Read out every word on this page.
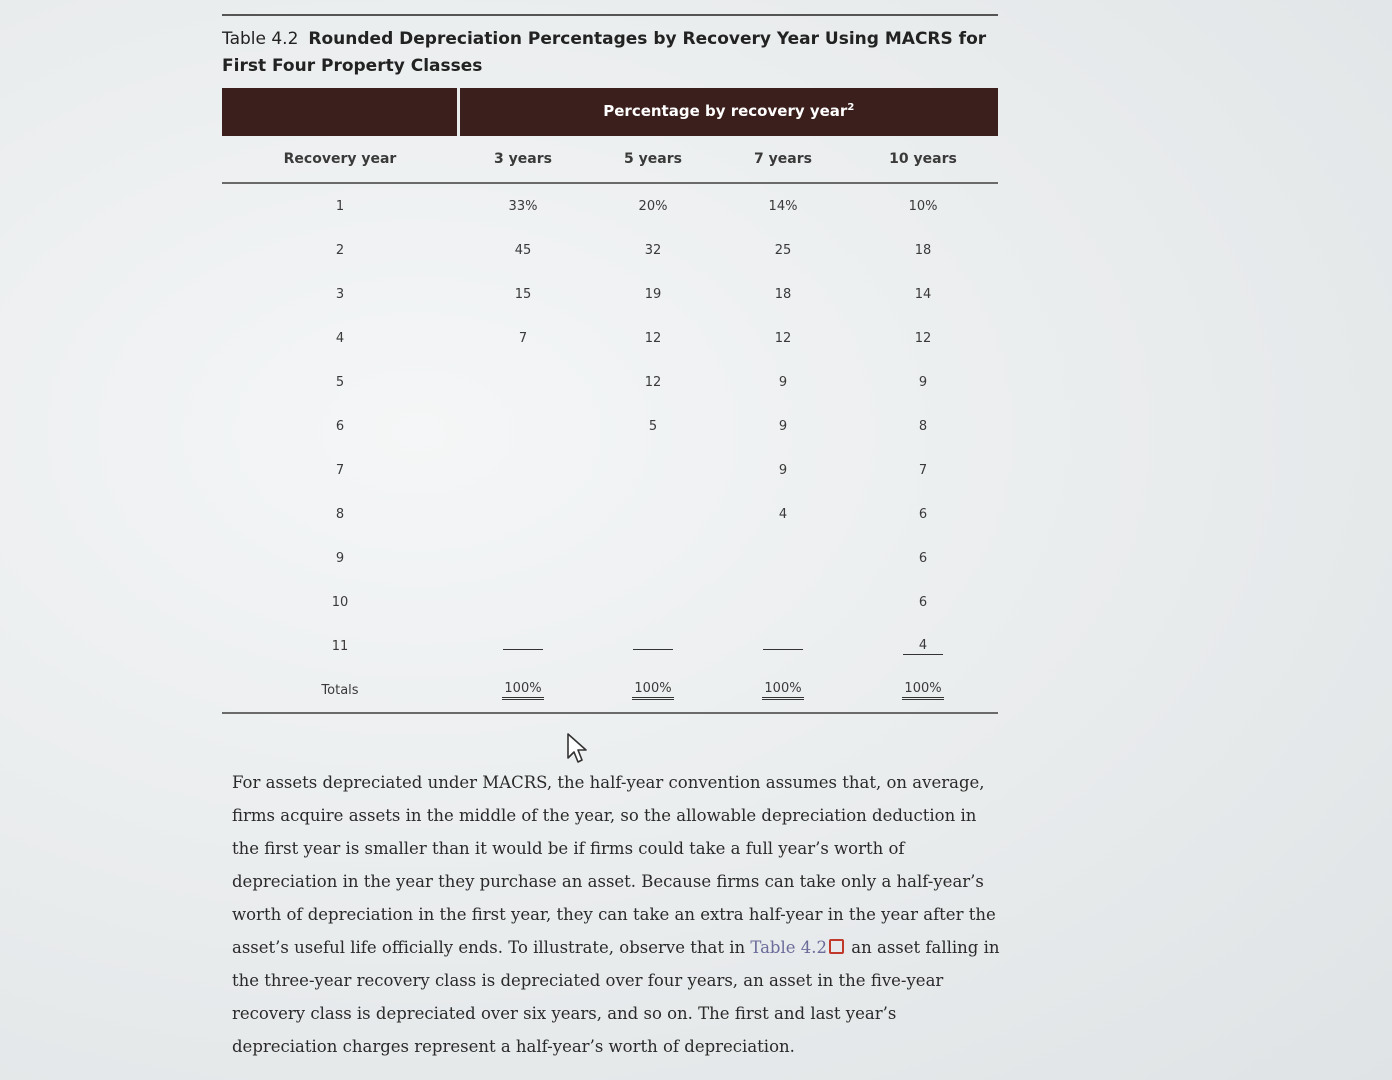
Table 4.2 Rounded Depreciation Percentages by Recovery Year Using MACRS for First Four Property Classes
	Percentage by recovery year$^2$
Recovery year	3 years	5 years	7 years	10 years
1	33%	20%	14%	10%
2	45	32	25	18
3	15	19	18	14
4	7	12	12	12
5		12	9	9
6		5	9	8
7			9	7
8			4	6
9				6
10				6
11				4
Totals	100%	100%	100%	100%
For assets depreciated under MACRS, the half-year convention assumes that, on average, firms acquire assets in the middle of the year, so the allowable depreciation deduction in the first year is smaller than it would be if firms could take a full year’s worth of depreciation in the year they purchase an asset. Because firms can take only a half-year’s worth of depreciation in the first year, they can take an extra half-year in the year after the asset’s useful life officially ends. To illustrate, observe that in Table 4.2 an asset falling in the three-year recovery class is depreciated over four years, an asset in the five-year recovery class is depreciated over six years, and so on. The first and last year’s depreciation charges represent a half-year’s worth of depreciation.
